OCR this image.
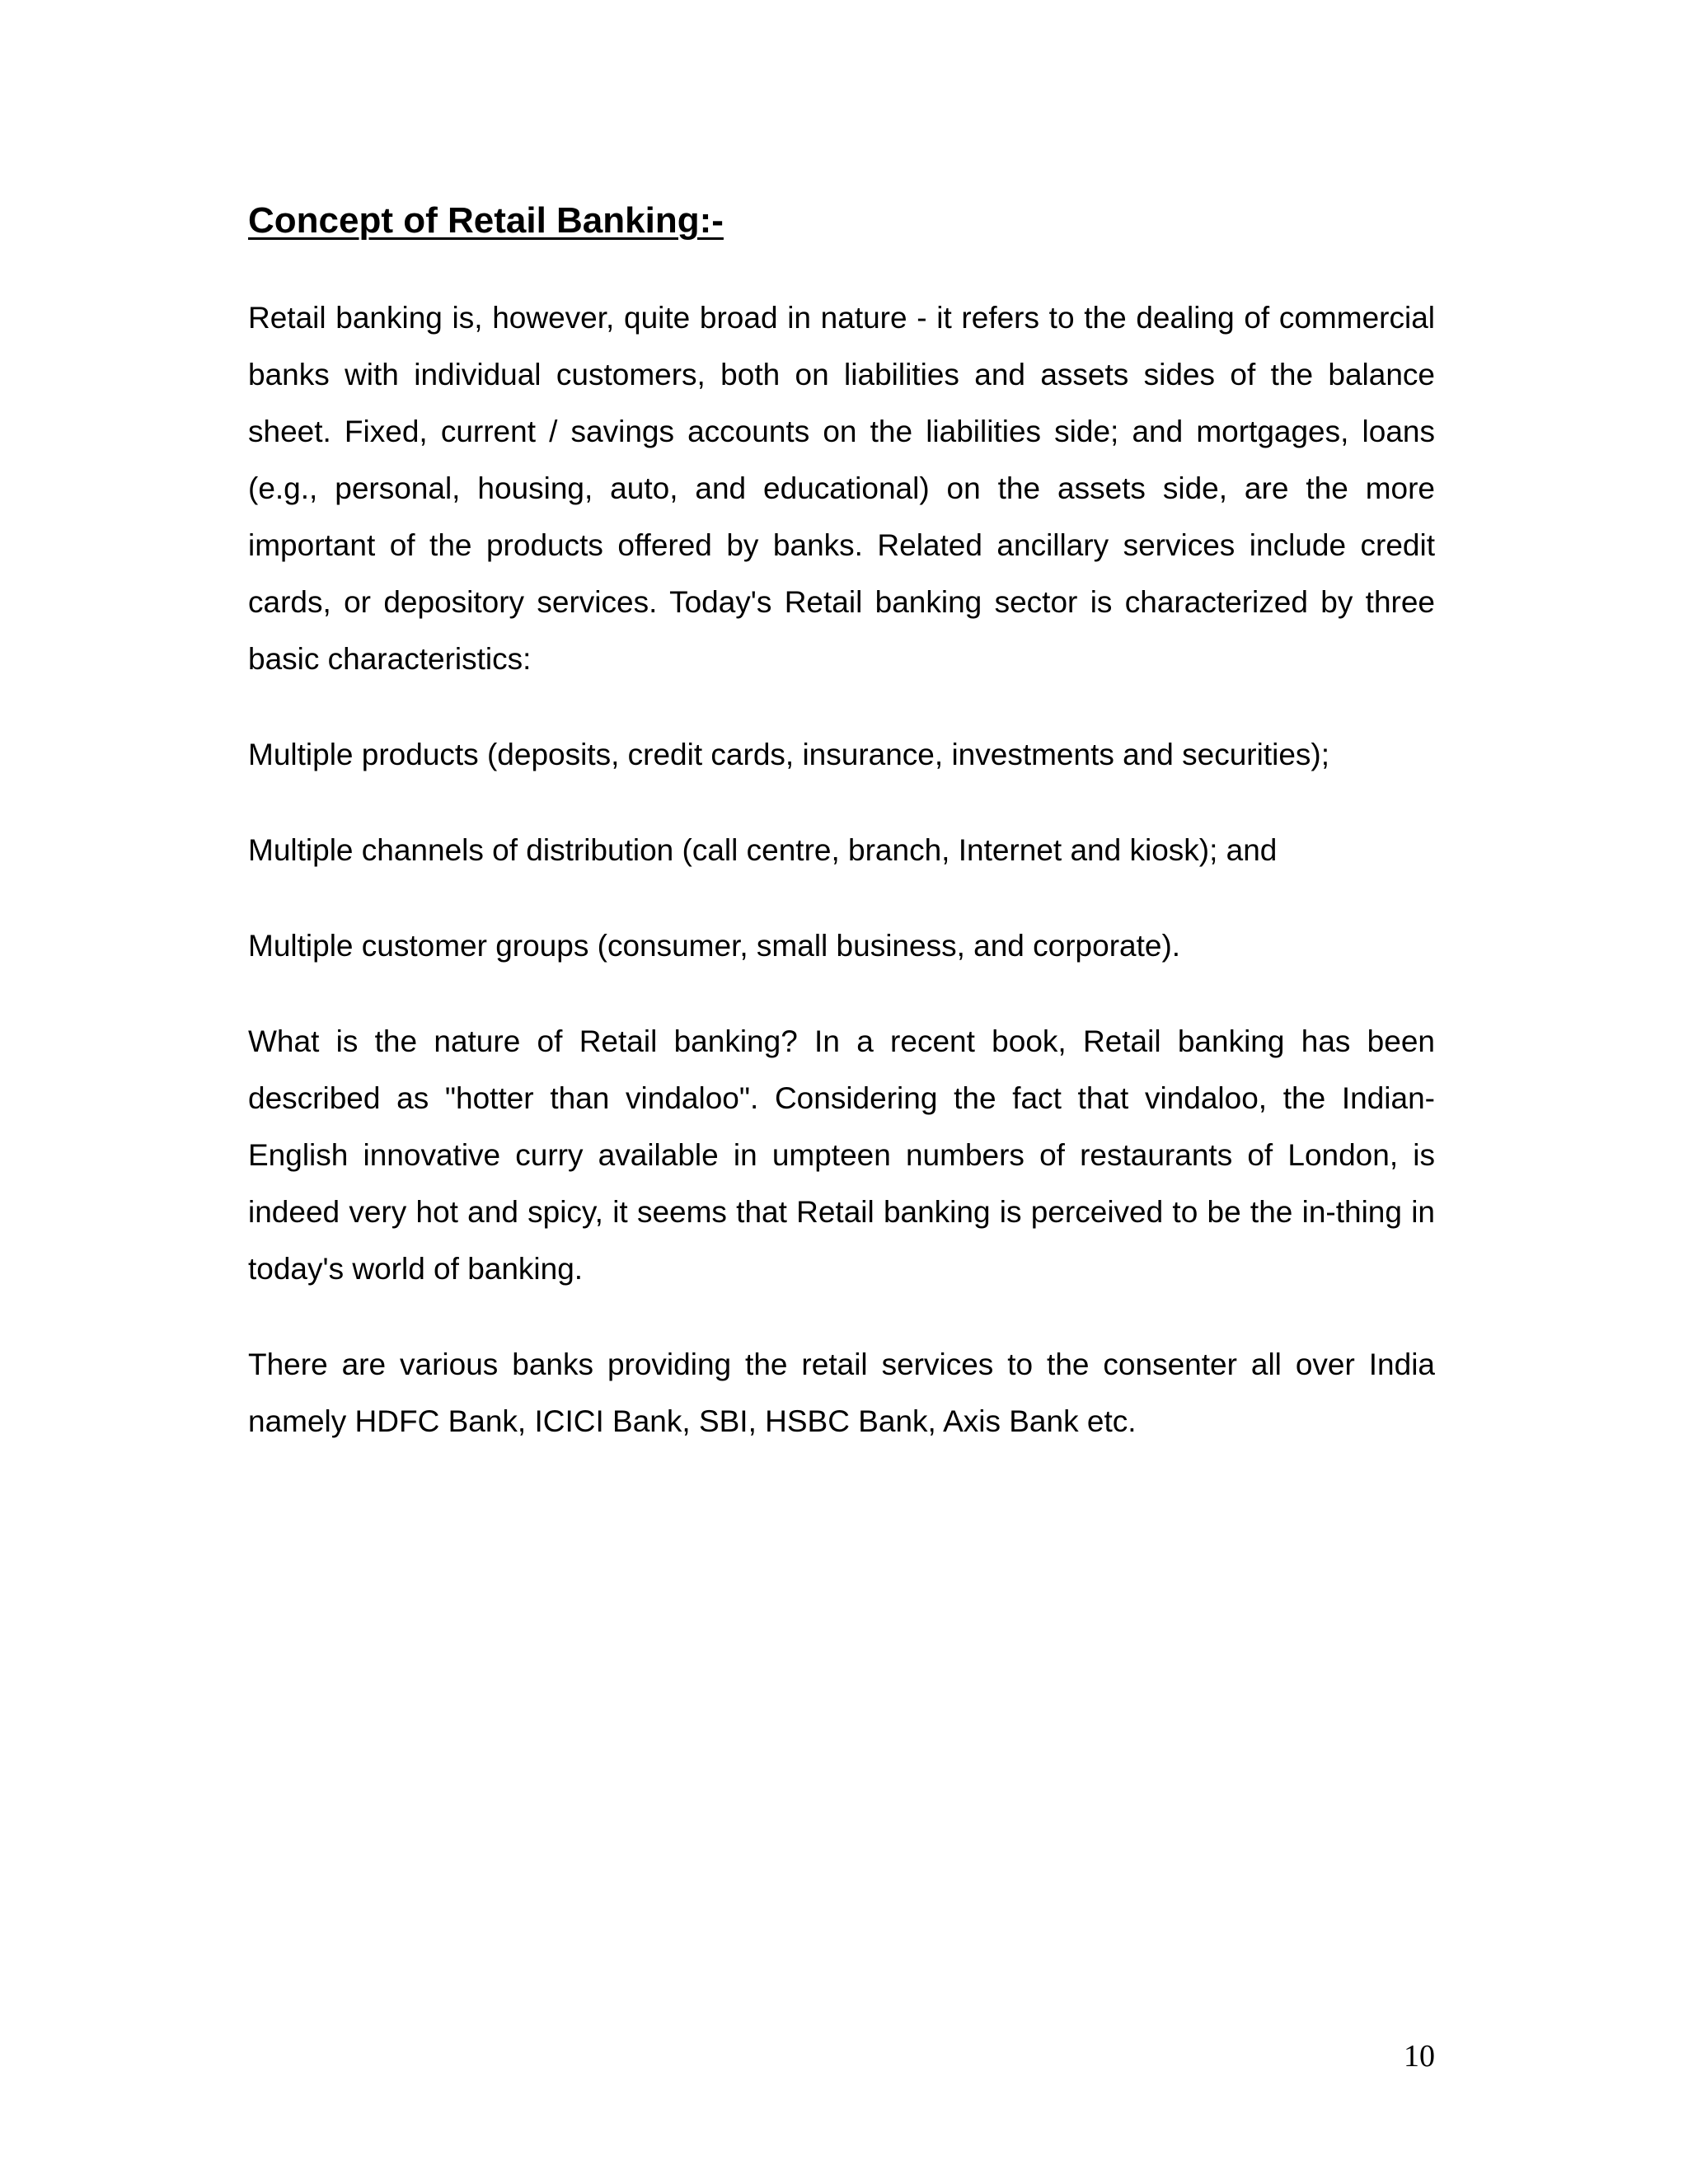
Concept of Retail Banking:-

Retail banking is, however, quite broad in nature - it refers to the dealing of commercial banks with individual customers, both on liabilities and assets sides of the balance sheet. Fixed, current / savings accounts on the liabilities side; and mortgages, loans (e.g., personal, housing, auto, and educational) on the assets side, are the more important of the products offered by banks. Related ancillary services include credit cards, or depository services. Today's Retail banking sector is characterized by three basic characteristics:

Multiple products (deposits, credit cards, insurance, investments and securities);

Multiple channels of distribution (call centre, branch, Internet and kiosk); and

Multiple customer groups (consumer, small business, and corporate).

What is the nature of Retail banking? In a recent book, Retail banking has been described as "hotter than vindaloo". Considering the fact that vindaloo, the Indian-English innovative curry available in umpteen numbers of restaurants of London, is indeed very hot and spicy, it seems that Retail banking is perceived to be the in-thing in today's world of banking.

There are various banks providing the retail services to the consenter all over India namely HDFC Bank, ICICI Bank, SBI, HSBC Bank, Axis Bank etc.

10
